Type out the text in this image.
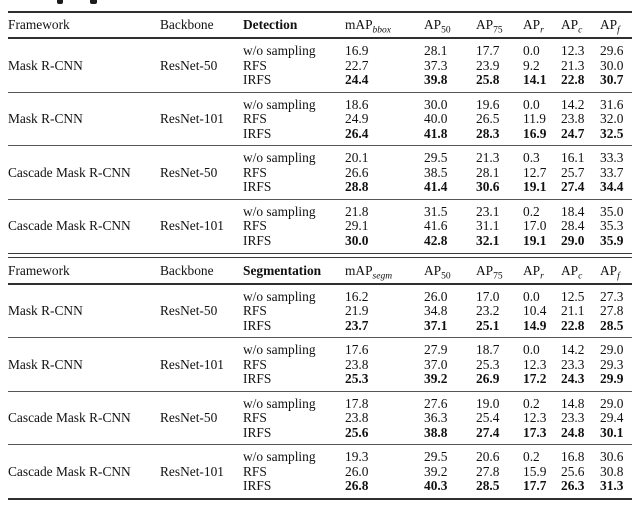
Framework	Backbone	Detection	mAP$_{bbox}$	$AP_{50}$	$AP_{75}$	$AP_r$	$AP_c$	$AP_f$
Mask R-CNN	ResNet-50
w/o sampling	16.9	28.1	17.7	0.0	12.3	29.6
RFS	22.7	37.3	23.9	9.2	21.3	30.0
IRFS	24.4	39.8	25.8	14.1	22.8	30.7
Mask R-CNN	ResNet-101
w/o sampling	18.6	30.0	19.6	0.0	14.2	31.6
RFS	24.9	40.0	26.5	11.9	23.8	32.0
IRFS	26.4	41.8	28.3	16.9	24.7	32.5
Cascade Mask R-CNN	ResNet-50
w/o sampling	20.1	29.5	21.3	0.3	16.1	33.3
RFS	26.6	38.5	28.1	12.7	25.7	33.7
IRFS	28.8	41.4	30.6	19.1	27.4	34.4
Cascade Mask R-CNN	ResNet-101
w/o sampling	21.8	31.5	23.1	0.2	18.4	35.0
RFS	29.1	41.6	31.1	17.0	28.4	35.3
IRFS	30.0	42.8	32.1	19.1	29.0	35.9
Framework	Backbone	Segmentation	mAP$_{segm}$	$AP_{50}$	$AP_{75}$	$AP_r$	$AP_c$	$AP_f$
Mask R-CNN	ResNet-50
w/o sampling	16.2	26.0	17.0	0.0	12.5	27.3
RFS	21.9	34.8	23.2	10.4	21.1	27.8
IRFS	23.7	37.1	25.1	14.9	22.8	28.5
Mask R-CNN	ResNet-101
w/o sampling	17.6	27.9	18.7	0.0	14.2	29.0
RFS	23.8	37.0	25.3	12.3	23.3	29.3
IRFS	25.3	39.2	26.9	17.2	24.3	29.9
Cascade Mask R-CNN	ResNet-50
w/o sampling	17.8	27.6	19.0	0.2	14.8	29.0
RFS	23.8	36.3	25.4	12.3	23.3	29.4
IRFS	25.6	38.8	27.4	17.3	24.8	30.1
Cascade Mask R-CNN	ResNet-101
w/o sampling	19.3	29.5	20.6	0.2	16.8	30.6
RFS	26.0	39.2	27.8	15.9	25.6	30.8
IRFS	26.8	40.3	28.5	17.7	26.3	31.3
